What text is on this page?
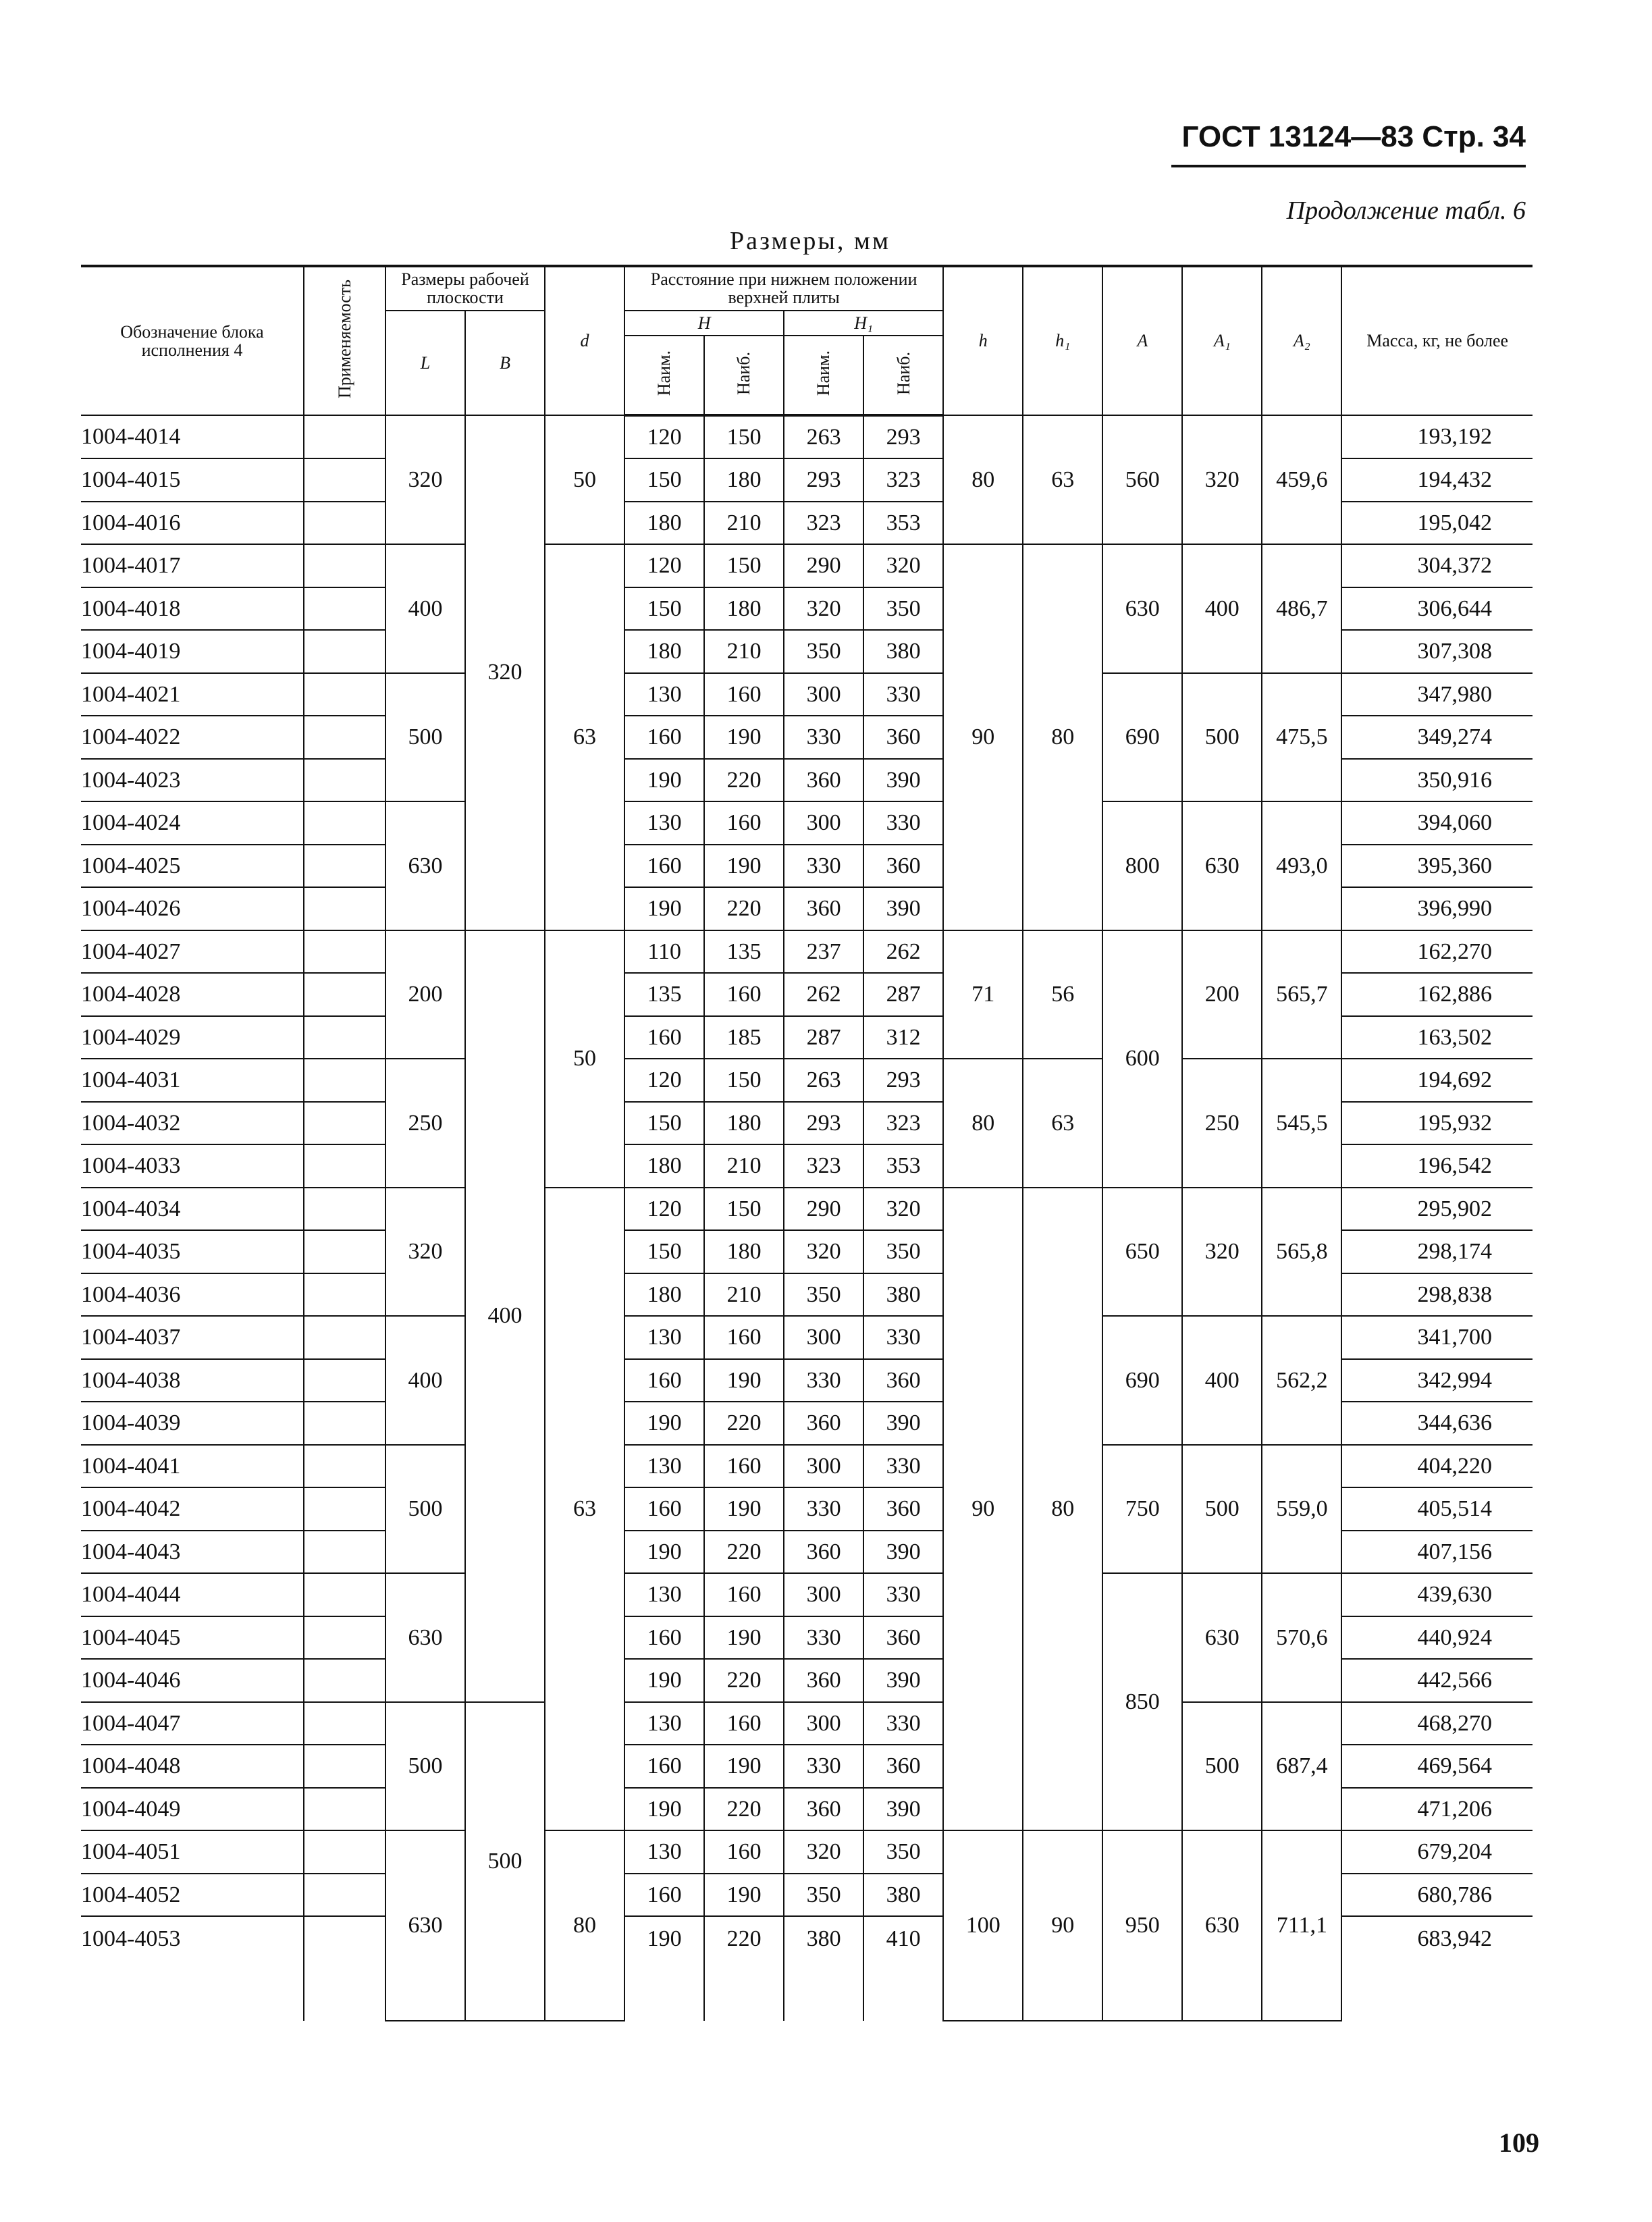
ГОСТ 13124—83 Стр. 34
Продолжение табл. 6
Размеры, мм
Обозначение блока исполнения 4	Применяемость	Размеры рабочей плоскости		d	Расстояние при нижнем положении верхней плиты				h	h₁	A	A₁	A₂	Масса, кг, не более
		L	B		H		H₁							
					Наим.	Наиб.	Наим.	Наиб.						
1004-4014		320	320	50	120	150	263	293	80	63	560	320	459,6	193,192
1004-4015					150	180	293	323						194,432
1004-4016					180	210	323	353						195,042
1004-4017		400		63	120	150	290	320	90	80	630	400	486,7	304,372
1004-4018					150	180	320	350						306,644
1004-4019					180	210	350	380						307,308
1004-4021		500			130	160	300	330			690	500	475,5	347,980
1004-4022					160	190	330	360						349,274
1004-4023					190	220	360	390						350,916
1004-4024		630			130	160	300	330			800	630	493,0	394,060
1004-4025					160	190	330	360						395,360
1004-4026					190	220	360	390						396,990
1004-4027		200	400	50	110	135	237	262	71	56	600	200	565,7	162,270
1004-4028					135	160	262	287						162,886
1004-4029					160	185	287	312						163,502
1004-4031		250			120	150	263	293	80	63		250	545,5	194,692
1004-4032					150	180	293	323						195,932
1004-4033					180	210	323	353						196,542
1004-4034		320		63	120	150	290	320	90	80	650	320	565,8	295,902
1004-4035					150	180	320	350						298,174
1004-4036					180	210	350	380						298,838
1004-4037		400			130	160	300	330			690	400	562,2	341,700
1004-4038					160	190	330	360						342,994
1004-4039					190	220	360	390						344,636
1004-4041		500			130	160	300	330			750	500	559,0	404,220
1004-4042					160	190	330	360						405,514
1004-4043					190	220	360	390						407,156
1004-4044		630			130	160	300	330			850	630	570,6	439,630
1004-4045					160	190	330	360						440,924
1004-4046					190	220	360	390						442,566
1004-4047		500	500		130	160	300	330				500	687,4	468,270
1004-4048					160	190	330	360						469,564
1004-4049					190	220	360	390						471,206
1004-4051		630		80	130	160	320	350	100	90	950	630	711,1	679,204
1004-4052					160	190	350	380						680,786
1004-4053					190	220	380	410						683,942
109
